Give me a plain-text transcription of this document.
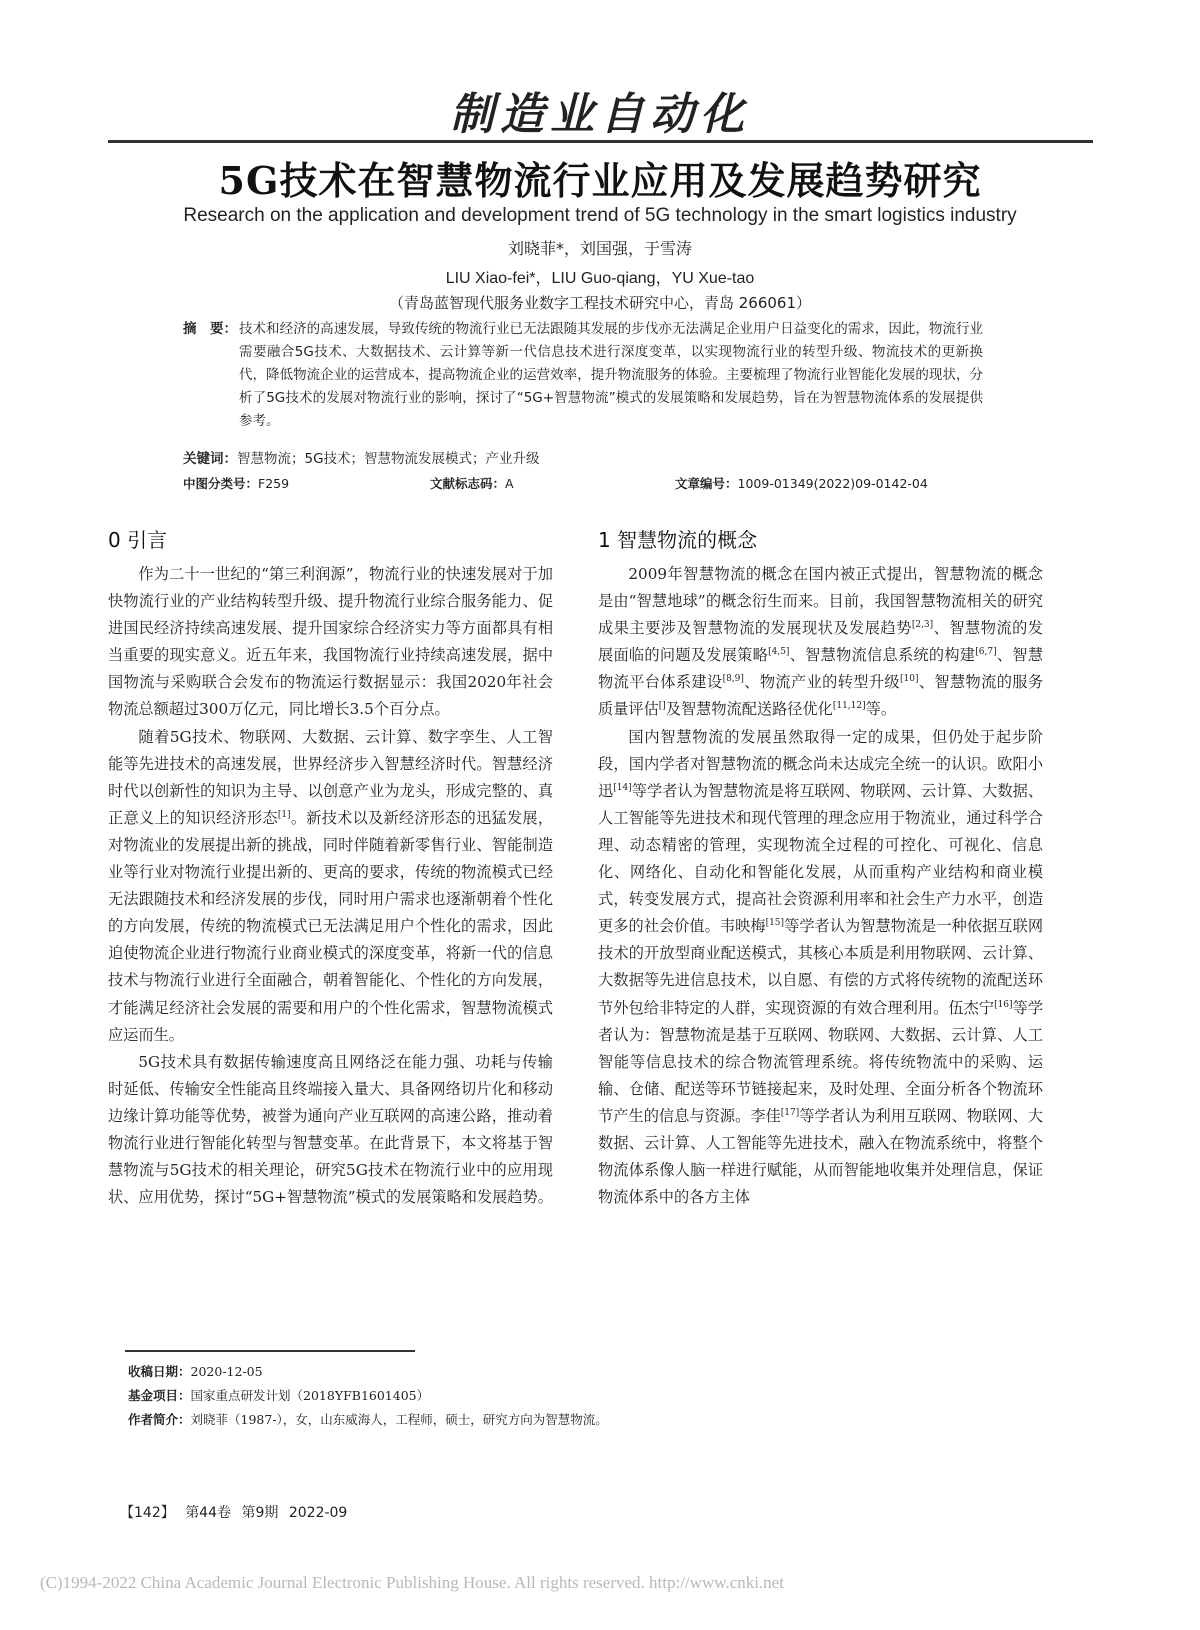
制造业自动化
5G技术在智慧物流行业应用及发展趋势研究
Research on the application and development trend of 5G technology in the smart logistics industry
刘晓菲*，刘国强，于雪涛
LIU Xiao-fei*，LIU Guo-qiang，YU Xue-tao
（青岛蓝智现代服务业数字工程技术研究中心，青岛 266061）
摘　要： 技术和经济的高速发展，导致传统的物流行业已无法跟随其发展的步伐亦无法满足企业用户日益变化的需求，因此，物流行业需要融合5G技术、大数据技术、云计算等新一代信息技术进行深度变革，以实现物流行业的转型升级、物流技术的更新换代，降低物流企业的运营成本，提高物流企业的运营效率，提升物流服务的体验。主要梳理了物流行业智能化发展的现状，分析了5G技术的发展对物流行业的影响，探讨了“5G+智慧物流”模式的发展策略和发展趋势，旨在为智慧物流体系的发展提供参考。
关键词：智慧物流；5G技术；智慧物流发展模式；产业升级
中图分类号：F259	文献标志码：A	文章编号：1009-01349(2022)09-0142-04
0 引言

作为二十一世纪的“第三利润源”，物流行业的快速发展对于加快物流行业的产业结构转型升级、提升物流行业综合服务能力、促进国民经济持续高速发展、提升国家综合经济实力等方面都具有相当重要的现实意义。近五年来，我国物流行业持续高速发展，据中国物流与采购联合会发布的物流运行数据显示：我国2020年社会物流总额超过300万亿元，同比增长3.5个百分点。

随着5G技术、物联网、大数据、云计算、数字孪生、人工智能等先进技术的高速发展，世界经济步入智慧经济时代。智慧经济时代以创新性的知识为主导、以创意产业为龙头，形成完整的、真正意义上的知识经济形态[1]。新技术以及新经济形态的迅猛发展，对物流业的发展提出新的挑战，同时伴随着新零售行业、智能制造业等行业对物流行业提出新的、更高的要求，传统的物流模式已经无法跟随技术和经济发展的步伐，同时用户需求也逐渐朝着个性化的方向发展，传统的物流模式已无法满足用户个性化的需求，因此迫使物流企业进行物流行业商业模式的深度变革，将新一代的信息技术与物流行业进行全面融合，朝着智能化、个性化的方向发展，才能满足经济社会发展的需要和用户的个性化需求，智慧物流模式应运而生。

5G技术具有数据传输速度高且网络泛在能力强、功耗与传输时延低、传输安全性能高且终端接入量大、具备网络切片化和移动边缘计算功能等优势，被誉为通向产业互联网的高速公路，推动着物流行业进行智能化转型与智慧变革。在此背景下，本文将基于智慧物流与5G技术的相关理论，研究5G技术在物流行业中的应用现状、应用优势，探讨“5G+智慧物流”模式的发展策略和发展趋势。

1 智慧物流的概念

2009年智慧物流的概念在国内被正式提出，智慧物流的概念是由“智慧地球”的概念衍生而来。目前，我国智慧物流相关的研究成果主要涉及智慧物流的发展现状及发展趋势[2,3]、智慧物流的发展面临的问题及发展策略[4,5]、智慧物流信息系统的构建[6,7]、智慧物流平台体系建设[8,9]、物流产业的转型升级[10]、智慧物流的服务质量评估[]及智慧物流配送路径优化[11,12]等。

国内智慧物流的发展虽然取得一定的成果，但仍处于起步阶段，国内学者对智慧物流的概念尚未达成完全统一的认识。欧阳小迅[14]等学者认为智慧物流是将互联网、物联网、云计算、大数据、人工智能等先进技术和现代管理的理念应用于物流业，通过科学合理、动态精密的管理，实现物流全过程的可控化、可视化、信息化、网络化、自动化和智能化发展，从而重构产业结构和商业模式，转变发展方式，提高社会资源利用率和社会生产力水平，创造更多的社会价值。韦映梅[15]等学者认为智慧物流是一种依据互联网技术的开放型商业配送模式，其核心本质是利用物联网、云计算、大数据等先进信息技术，以自愿、有偿的方式将传统物的流配送环节外包给非特定的人群，实现资源的有效合理利用。伍杰宁[16]等学者认为：智慧物流是基于互联网、物联网、大数据、云计算、人工智能等信息技术的综合物流管理系统。将传统物流中的采购、运输、仓储、配送等环节链接起来，及时处理、全面分析各个物流环节产生的信息与资源。李佳[17]等学者认为利用互联网、物联网、大数据、云计算、人工智能等先进技术，融入在物流系统中，将整个物流体系像人脑一样进行赋能，从而智能地收集并处理信息，保证物流体系中的各方主体

收稿日期：2020-12-05
基金项目：国家重点研发计划（2018YFB1601405）
作者简介：刘晓菲（1987-），女，山东威海人，工程师，硕士，研究方向为智慧物流。
【142】 第44卷 第9期 2022-09
(C)1994-2022 China Academic Journal Electronic Publishing House. All rights reserved. http://www.cnki.net
